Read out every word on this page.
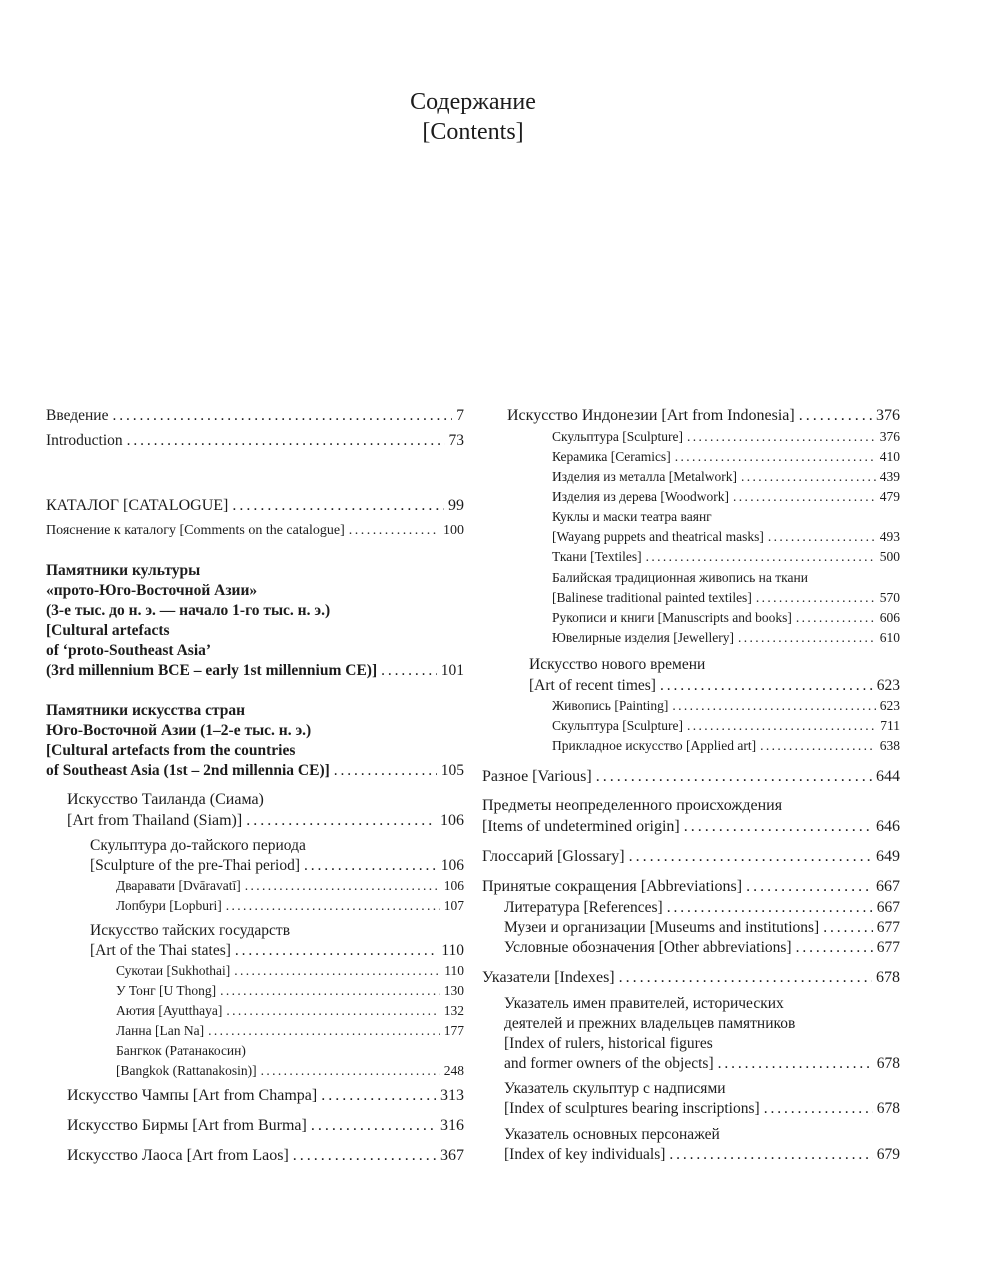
Содержание
[Contents]
Введение . . .	7
Introduction . . .	73
КАТАЛОГ [CATALOGUE] . . .	99
Пояснение к каталогу [Comments on the catalogue] . . .	100
Памятники культуры
«прото-Юго-Восточной Азии»
(3-е тыс. до н. э. — начало 1-го тыс. н. э.)
[Cultural artefacts
of ‘proto-Southeast Asia’
(3rd millennium BCE – early 1st millennium CE)] . . .	101
Памятники искусства стран
Юго-Восточной Азии (1–2-е тыс. н. э.)
[Cultural artefacts from the countries
of Southeast Asia (1st – 2nd millennia CE)] . . .	105
Искусство Таиланда (Сиама)
[Art from Thailand (Siam)] . . .	106
Скульптура до-тайского периода
[Sculpture of the pre-Thai period] . . .	106
Дваравати [Dvāravatī] . . .	106
Лопбури [Lopburi] . . .	107
Искусство тайских государств
[Art of the Thai states] . . .	110
Сукотаи [Sukhothai] . . .	110
У Тонг [U Thong] . . .	130
Аютия [Ayutthaya] . . .	132
Ланна [Lan Na] . . .	177
Бангкок (Ратанакосин)
[Bangkok (Rattanakosin)] . . .	248
Искусство Чампы [Art from Champa] . . .	313
Искусство Бирмы [Art from Burma] . . .	316
Искусство Лаоса [Art from Laos] . . .	367
Искусство Индонезии [Art from Indonesia] . . .	376
Скульптура [Sculpture] . . .	376
Керамика [Ceramics] . . .	410
Изделия из металла [Metalwork] . . .	439
Изделия из дерева [Woodwork] . . .	479
Куклы и маски театра ваянг
[Wayang puppets and theatrical masks] . . .	493
Ткани [Textiles] . . .	500
Балийская традиционная живопись на ткани
[Balinese traditional painted textiles] . . .	570
Рукописи и книги [Manuscripts and books] . . .	606
Ювелирные изделия [Jewellery] . . .	610
Искусство нового времени
[Art of recent times] . . .	623
Живопись [Painting] . . .	623
Скульптура [Sculpture] . . .	711
Прикладное искусство [Applied art] . . .	638
Разное [Various] . . .	644
Предметы неопределенного происхождения
[Items of undetermined origin] . . .	646
Глоссарий [Glossary] . . .	649
Принятые сокращения [Abbreviations] . . .	667
Литература [References] . . .	667
Музеи и организации [Museums and institutions] . . .	677
Условные обозначения [Other abbreviations] . . .	677
Указатели [Indexes] . . .	678
Указатель имен правителей, исторических
деятелей и прежних владельцев памятников
[Index of rulers, historical figures
and former owners of the objects] . . .	678
Указатель скульптур с надписями
[Index of sculptures bearing inscriptions] . . .	678
Указатель основных персонажей
[Index of key individuals] . . .	679
